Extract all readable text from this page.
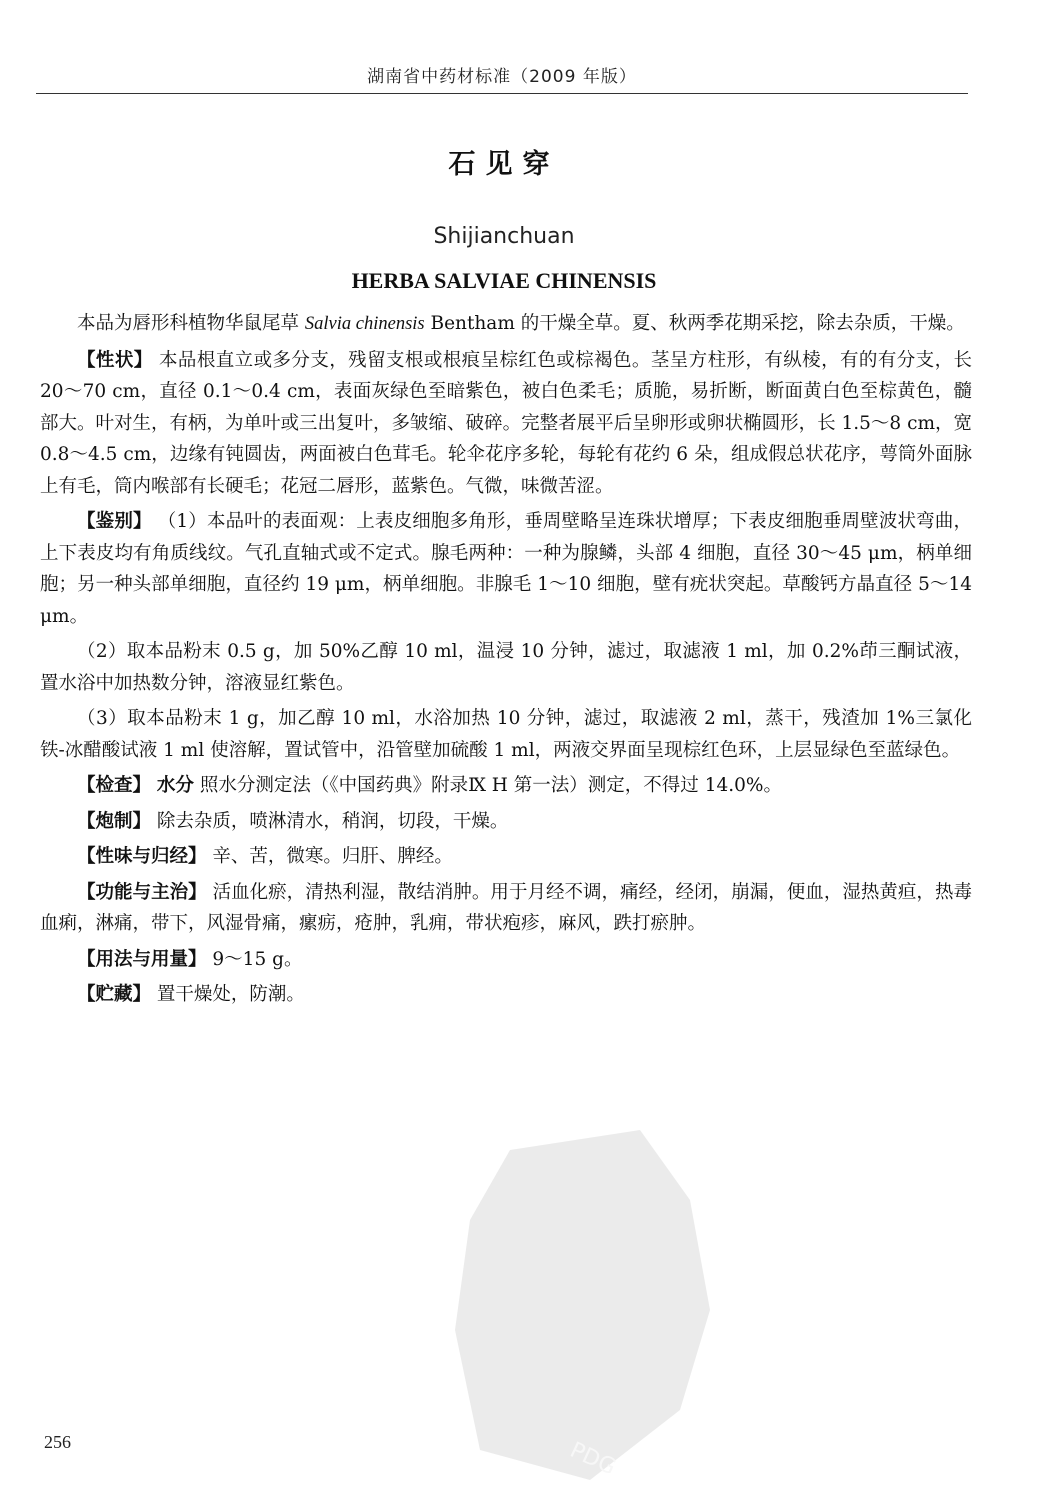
湖南省中药材标准（2009 年版）
石见穿
Shijianchuan
HERBA SALVIAE CHINENSIS

本品为唇形科植物华鼠尾草 Salvia chinensis Bentham 的干燥全草。夏、秋两季花期采挖，除去杂质，干燥。

【性状】 本品根直立或多分支，残留支根或根痕呈棕红色或棕褐色。茎呈方柱形，有纵棱，有的有分支，长 20～70 cm，直径 0.1～0.4 cm，表面灰绿色至暗紫色，被白色柔毛；质脆，易折断，断面黄白色至棕黄色，髓部大。叶对生，有柄，为单叶或三出复叶，多皱缩、破碎。完整者展平后呈卵形或卵状椭圆形，长 1.5～8 cm，宽 0.8～4.5 cm，边缘有钝圆齿，两面被白色茸毛。轮伞花序多轮，每轮有花约 6 朵，组成假总状花序，萼筒外面脉上有毛，筒内喉部有长硬毛；花冠二唇形，蓝紫色。气微，味微苦涩。

【鉴别】 （1）本品叶的表面观：上表皮细胞多角形，垂周壁略呈连珠状增厚；下表皮细胞垂周壁波状弯曲，上下表皮均有角质线纹。气孔直轴式或不定式。腺毛两种：一种为腺鳞，头部 4 细胞，直径 30～45 μm，柄单细胞；另一种头部单细胞，直径约 19 μm，柄单细胞。非腺毛 1～10 细胞，壁有疣状突起。草酸钙方晶直径 5～14 μm。

（2）取本品粉末 0.5 g，加 50%乙醇 10 ml，温浸 10 分钟，滤过，取滤液 1 ml，加 0.2%茚三酮试液，置水浴中加热数分钟，溶液显红紫色。

（3）取本品粉末 1 g，加乙醇 10 ml，水浴加热 10 分钟，滤过，取滤液 2 ml，蒸干，残渣加 1%三氯化铁-冰醋酸试液 1 ml 使溶解，置试管中，沿管壁加硫酸 1 ml，两液交界面呈现棕红色环，上层显绿色至蓝绿色。

【检查】 水分 照水分测定法（《中国药典》附录Ⅸ H 第一法）测定，不得过 14.0%。

【炮制】 除去杂质，喷淋清水，稍润，切段，干燥。

【性味与归经】 辛、苦，微寒。归肝、脾经。

【功能与主治】 活血化瘀，清热利湿，散结消肿。用于月经不调，痛经，经闭，崩漏，便血，湿热黄疸，热毒血痢，淋痛，带下，风湿骨痛，瘰疬，疮肿，乳痈，带状疱疹，麻风，跌打瘀肿。

【用法与用量】 9～15 g。

【贮藏】 置干燥处，防潮。

PDG
256
